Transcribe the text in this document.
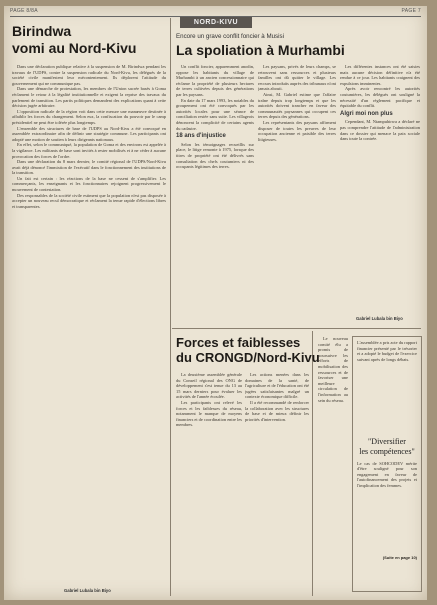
PAGE 8/8A	PAGE 7
NORD-KIVU
Birindwa
vomi au Nord-Kivu

Dans une déclaration publique relative à la suspension de M. Birindwa pendant les travaux de l'UDPS, contre la suspension radicale du Nord-Kivu, les délégués de la société civile manifestent leur mécontentement. Ils déplorent l'attitude du gouvernement qui ne communique pas.

Dans une démarche de protestation, les membres de l'Union sacrée basés à Goma réclament le retour à la légalité institutionnelle et exigent la reprise des travaux du parlement de transition. Les partis politiques demandent des explications quant à cette décision jugée arbitraire.

L'opposition radicale de la région voit dans cette mesure une manœuvre destinée à affaiblir les forces du changement. Selon eux, la confiscation du pouvoir par le camp présidentiel ne peut être tolérée plus longtemps.

L'ensemble des structures de base de l'UDPS au Nord-Kivu a été convoqué en assemblée extraordinaire afin de définir une stratégie commune. Les participants ont adopté une motion de soutien à leurs dirigeants nationaux.

En effet, selon le communiqué, la population de Goma et des environs est appelée à la vigilance. Les militants de base sont invités à rester mobilisés et à ne céder à aucune provocation des forces de l'ordre.

Dans une déclaration du 8 mars dernier, le comité régional de l'UDPS/Nord-Kivu avait déjà dénoncé l'immixtion de l'exécutif dans le fonctionnement des institutions de la transition.

Un fait est certain : les réactions de la base ne cessent de s'amplifier. Les commerçants, les enseignants et les fonctionnaires rejoignent progressivement le mouvement de contestation.

Des responsables de la société civile estiment que la population n'est pas disposée à accepter un nouveau recul démocratique et réclament la tenue rapide d'élections libres et transparentes.

Gabriel Lubala bin Biyo
Encore un grave conflit foncier à Musisi
La spoliation à Murhambi

Un conflit foncier, apparemment anodin, oppose les habitants du village de Murhambi à un ancien concessionnaire qui réclame la propriété de plusieurs hectares de terres cultivées depuis des générations par les paysans.

En date du 17 mars 1993, les notables du groupement ont été convoqués par les autorités locales pour une séance de conciliation restée sans suite. Les villageois dénoncent la complicité de certains agents du cadastre.

18 ans d'injustice

Selon les témoignages recueillis sur place, le litige remonte à 1975, lorsque des titres de propriété ont été délivrés sans consultation des chefs coutumiers ni des occupants légitimes des terres.

Les paysans, privés de leurs champs, se retrouvent sans ressources et plusieurs familles ont dû quitter le village. Les recours introduits auprès des tribunaux n'ont jamais abouti.

Ainsi, M. Gabriel estime que l'affaire traîne depuis trop longtemps et que les autorités doivent trancher en faveur des communautés paysannes qui occupent ces terres depuis des générations.

Les représentants des paysans affirment disposer de toutes les preuves de leur occupation ancienne et paisible des terres litigieuses.

Les différentes instances ont été saisies mais aucune décision définitive n'a été rendue à ce jour. Les habitants craignent des expulsions imminentes.

Après avoir rencontré les autorités coutumières, les délégués ont souligné la nécessité d'un règlement pacifique et équitable du conflit.

Algri moi non plus

Cependant, M. Ntampuhirwa a déclaré ne pas comprendre l'attitude de l'administration dans ce dossier qui menace la paix sociale dans toute la contrée.

Gabriel Lubala bin Biyo
Forces et faiblesses
du CRONGD/Nord-Kivu

La deuxième assemblée générale du Conseil régional des ONG de développement s'est tenue du 13 au 15 mars derniers pour évaluer les activités de l'année écoulée.

Les participants ont relevé les forces et les faiblesses du réseau, notamment le manque de moyens financiers et de coordination entre les membres.

Les actions menées dans les domaines de la santé, de l'agriculture et de l'éducation ont été jugées satisfaisantes malgré un contexte économique difficile.

Il a été recommandé de renforcer la collaboration avec les structures de base et de mieux définir les priorités d'intervention.

Le nouveau comité élu a promis de poursuivre les efforts de mobilisation des ressources et de favoriser une meilleure circulation de l'information au sein du réseau.

L'assemblée a pris acte du rapport financier présenté par le trésorier et a adopté le budget de l'exercice suivant après de longs débats.
"Diversifier
les compétences"
Le cas de SOHCODEV mérite d'être souligné pour son engagement en faveur de l'autofinancement des projets et l'implication des femmes.
(Suite en page 10)
